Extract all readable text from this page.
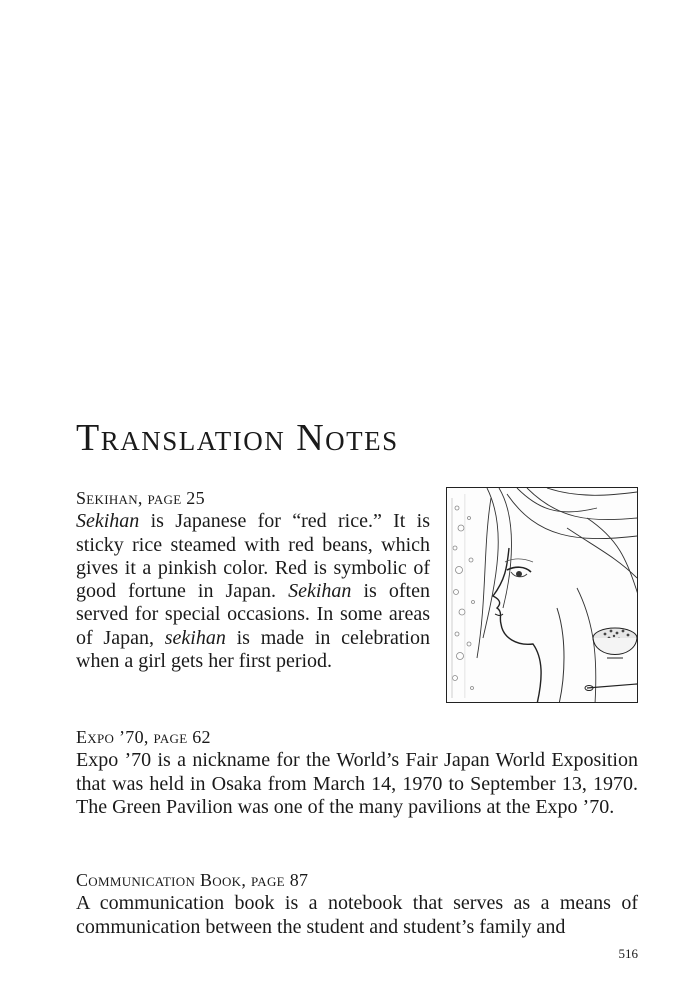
Translation Notes

Sekihan, page 25

Sekihan is Japanese for “red rice.” It is sticky rice steamed with red beans, which gives it a pinkish color. Red is symbolic of good fortune in Japan. Sekihan is often served for special occasions. In some areas of Japan, sekihan is made in celebration when a girl gets her first period.

Expo ’70, page 62

Expo ’70 is a nickname for the World’s Fair Japan World Exposition that was held in Osaka from March 14, 1970 to September 13, 1970. The Green Pavilion was one of the many pavilions at the Expo ’70.

Communication Book, page 87

A communication book is a notebook that serves as a means of communication between the student and student’s family and

516
